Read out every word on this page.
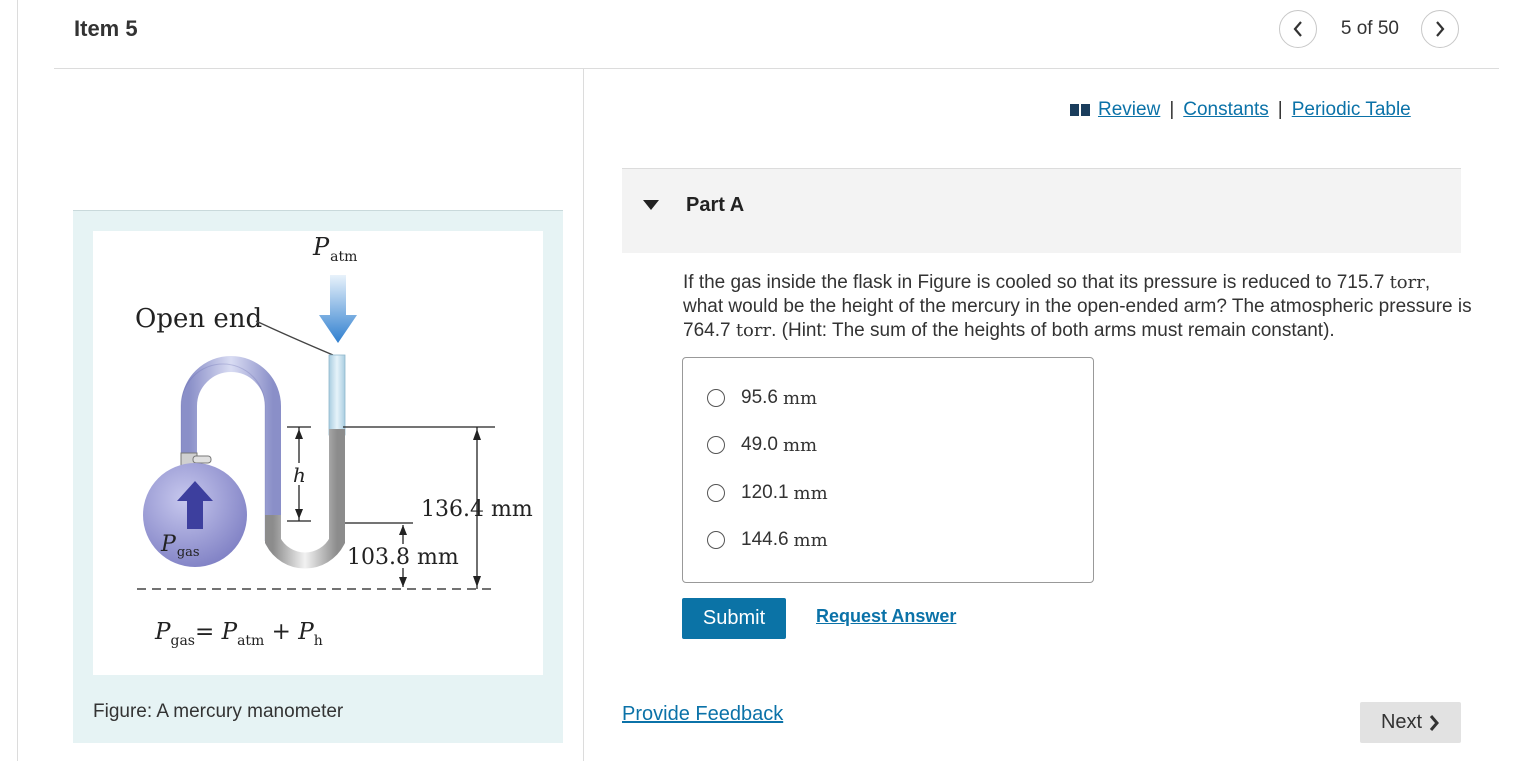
Item 5	5 of 50
$P_{atm}$
Open end
$P_{gas}$
h
136.4 mm
103.8 mm
$P_{gas}= P_{atm} + P_h$
Figure: A mercury manometer
Review | Constants | Periodic Table
Part A
If the gas inside the flask in Figure is cooled so that its pressure is reduced to 715.7 torr, what would be the height of the mercury in the open-ended arm? The atmospheric pressure is 764.7 torr. (Hint: The sum of the heights of both arms must remain constant).
95.6 mm
49.0 mm
120.1 mm
144.6 mm
Submit	Request Answer
Provide Feedback	Next
